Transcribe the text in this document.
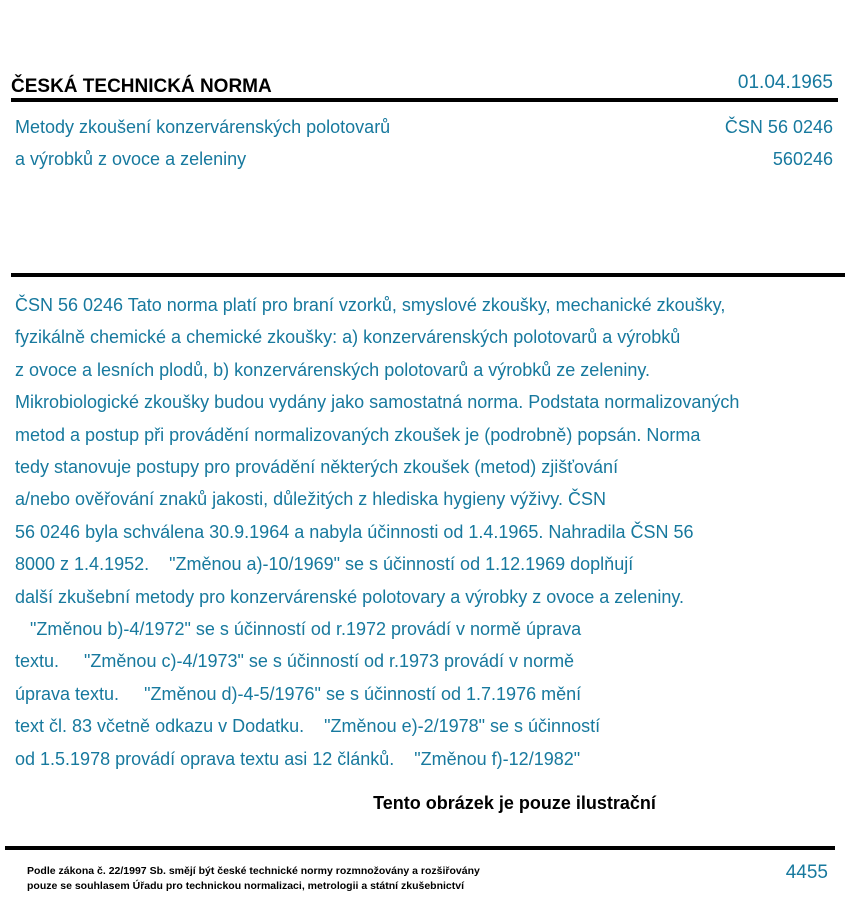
ČESKÁ TECHNICKÁ NORMA	01.04.1965
Metody zkoušení konzervárenských polotovarů
a výrobků z ovoce a zeleniny
ČSN 56 0246
560246
ČSN 56 0246 Tato norma platí pro braní vzorků, smyslové zkoušky, mechanické zkoušky,
fyzikálně chemické a chemické zkoušky: a) konzervárenských polotovarů a výrobků
z ovoce a lesních plodů, b) konzervárenských polotovarů a výrobků ze zeleniny.
Mikrobiologické zkoušky budou vydány jako samostatná norma. Podstata normalizovaných
metod a postup při provádění normalizovaných zkoušek je (podrobně) popsán. Norma
tedy stanovuje postupy pro provádění některých zkoušek (metod) zjišťování
a/nebo ověřování znaků jakosti, důležitých z hlediska hygieny výživy. ČSN
56 0246 byla schválena 30.9.1964 a nabyla účinnosti od 1.4.1965. Nahradila ČSN 56
8000 z 1.4.1952.    "Změnou a)-10/1969" se s účinností od 1.12.1969 doplňují
další zkušební metody pro konzervárenské polotovary a výrobky z ovoce a zeleniny.
"Změnou b)-4/1972" se s účinností od r.1972 provádí v normě úprava
textu.     "Změnou c)-4/1973" se s účinností od r.1973 provádí v normě
úprava textu.     "Změnou d)-4-5/1976" se s účinností od 1.7.1976 mění
text čl. 83 včetně odkazu v Dodatku.    "Změnou e)-2/1978" se s účinností
od 1.5.1978 provádí oprava textu asi 12 článků.    "Změnou f)-12/1982"
Tento obrázek je pouze ilustrační
Podle zákona č. 22/1997 Sb. smějí být české technické normy rozmnožovány a rozšiřovány
pouze se souhlasem Úřadu pro technickou normalizaci, metrologii a státní zkušebnictví
4455
